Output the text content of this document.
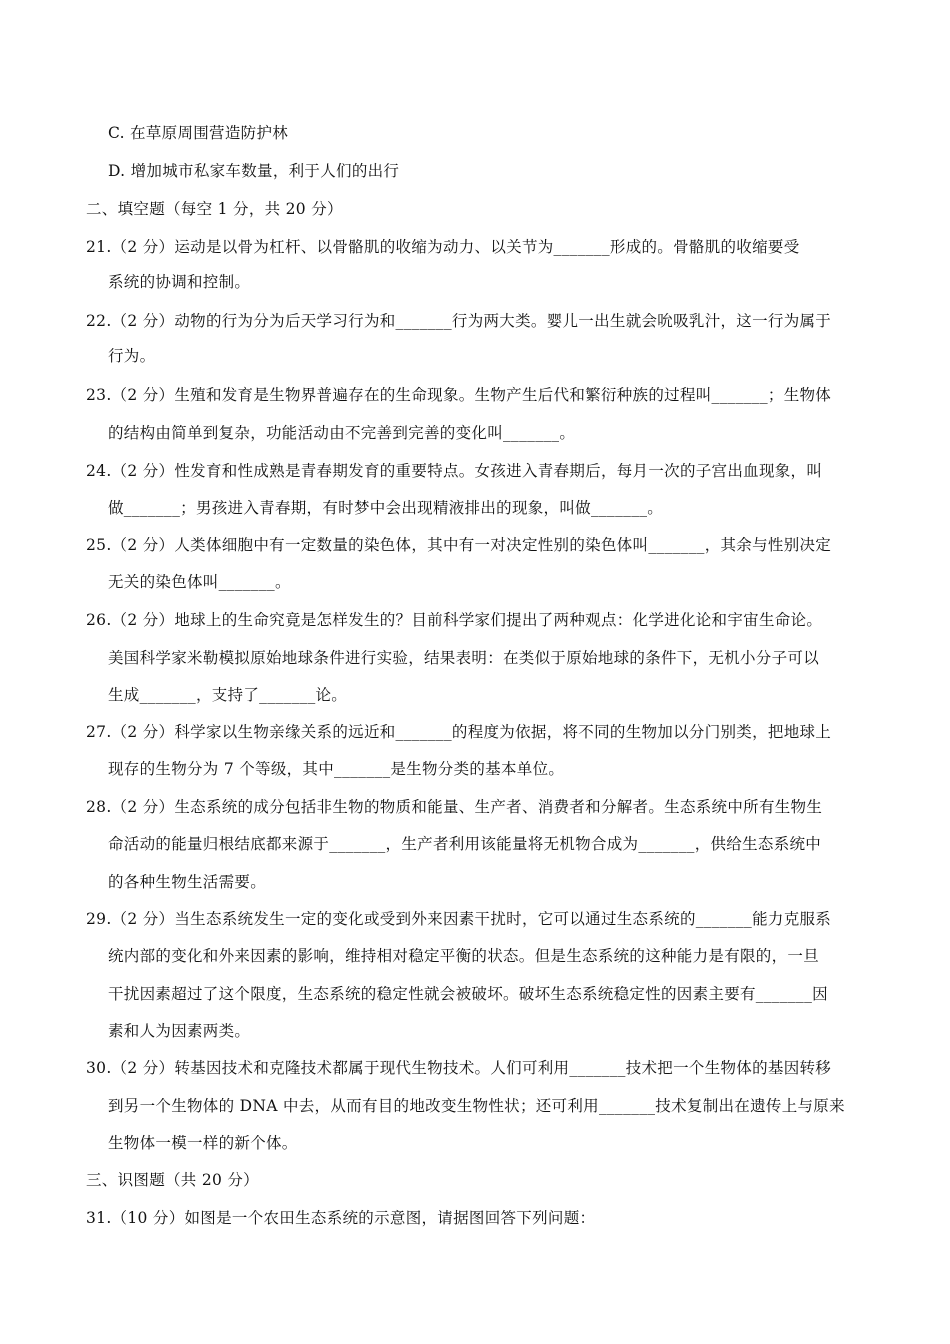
C. 在草原周围营造防护林
D. 增加城市私家车数量，利于人们的出行
二、填空题（每空 1 分，共 20 分）
21.（2 分）运动是以骨为杠杆、以骨骼肌的收缩为动力、以关节为_______形成的。骨骼肌的收缩要受
系统的协调和控制。
22.（2 分）动物的行为分为后天学习行为和_______行为两大类。婴儿一出生就会吮吸乳汁，这一行为属于
行为。
23.（2 分）生殖和发育是生物界普遍存在的生命现象。生物产生后代和繁衍种族的过程叫_______；生物体
的结构由简单到复杂，功能活动由不完善到完善的变化叫_______。
24.（2 分）性发育和性成熟是青春期发育的重要特点。女孩进入青春期后，每月一次的子宫出血现象，叫
做_______；男孩进入青春期，有时梦中会出现精液排出的现象，叫做_______。
25.（2 分）人类体细胞中有一定数量的染色体，其中有一对决定性别的染色体叫_______，其余与性别决定
无关的染色体叫_______。
26.（2 分）地球上的生命究竟是怎样发生的？目前科学家们提出了两种观点：化学进化论和宇宙生命论。
美国科学家米勒模拟原始地球条件进行实验，结果表明：在类似于原始地球的条件下，无机小分子可以
生成_______，支持了_______论。
27.（2 分）科学家以生物亲缘关系的远近和_______的程度为依据，将不同的生物加以分门别类，把地球上
现存的生物分为 7 个等级，其中_______是生物分类的基本单位。
28.（2 分）生态系统的成分包括非生物的物质和能量、生产者、消费者和分解者。生态系统中所有生物生
命活动的能量归根结底都来源于_______，生产者利用该能量将无机物合成为_______，供给生态系统中
的各种生物生活需要。
29.（2 分）当生态系统发生一定的变化或受到外来因素干扰时，它可以通过生态系统的_______能力克服系
统内部的变化和外来因素的影响，维持相对稳定平衡的状态。但是生态系统的这种能力是有限的，一旦
干扰因素超过了这个限度，生态系统的稳定性就会被破坏。破坏生态系统稳定性的因素主要有_______因
素和人为因素两类。
30.（2 分）转基因技术和克隆技术都属于现代生物技术。人们可利用_______技术把一个生物体的基因转移
到另一个生物体的 DNA 中去，从而有目的地改变生物性状；还可利用_______技术复制出在遗传上与原来
生物体一模一样的新个体。
三、识图题（共 20 分）
31.（10 分）如图是一个农田生态系统的示意图，请据图回答下列问题：
